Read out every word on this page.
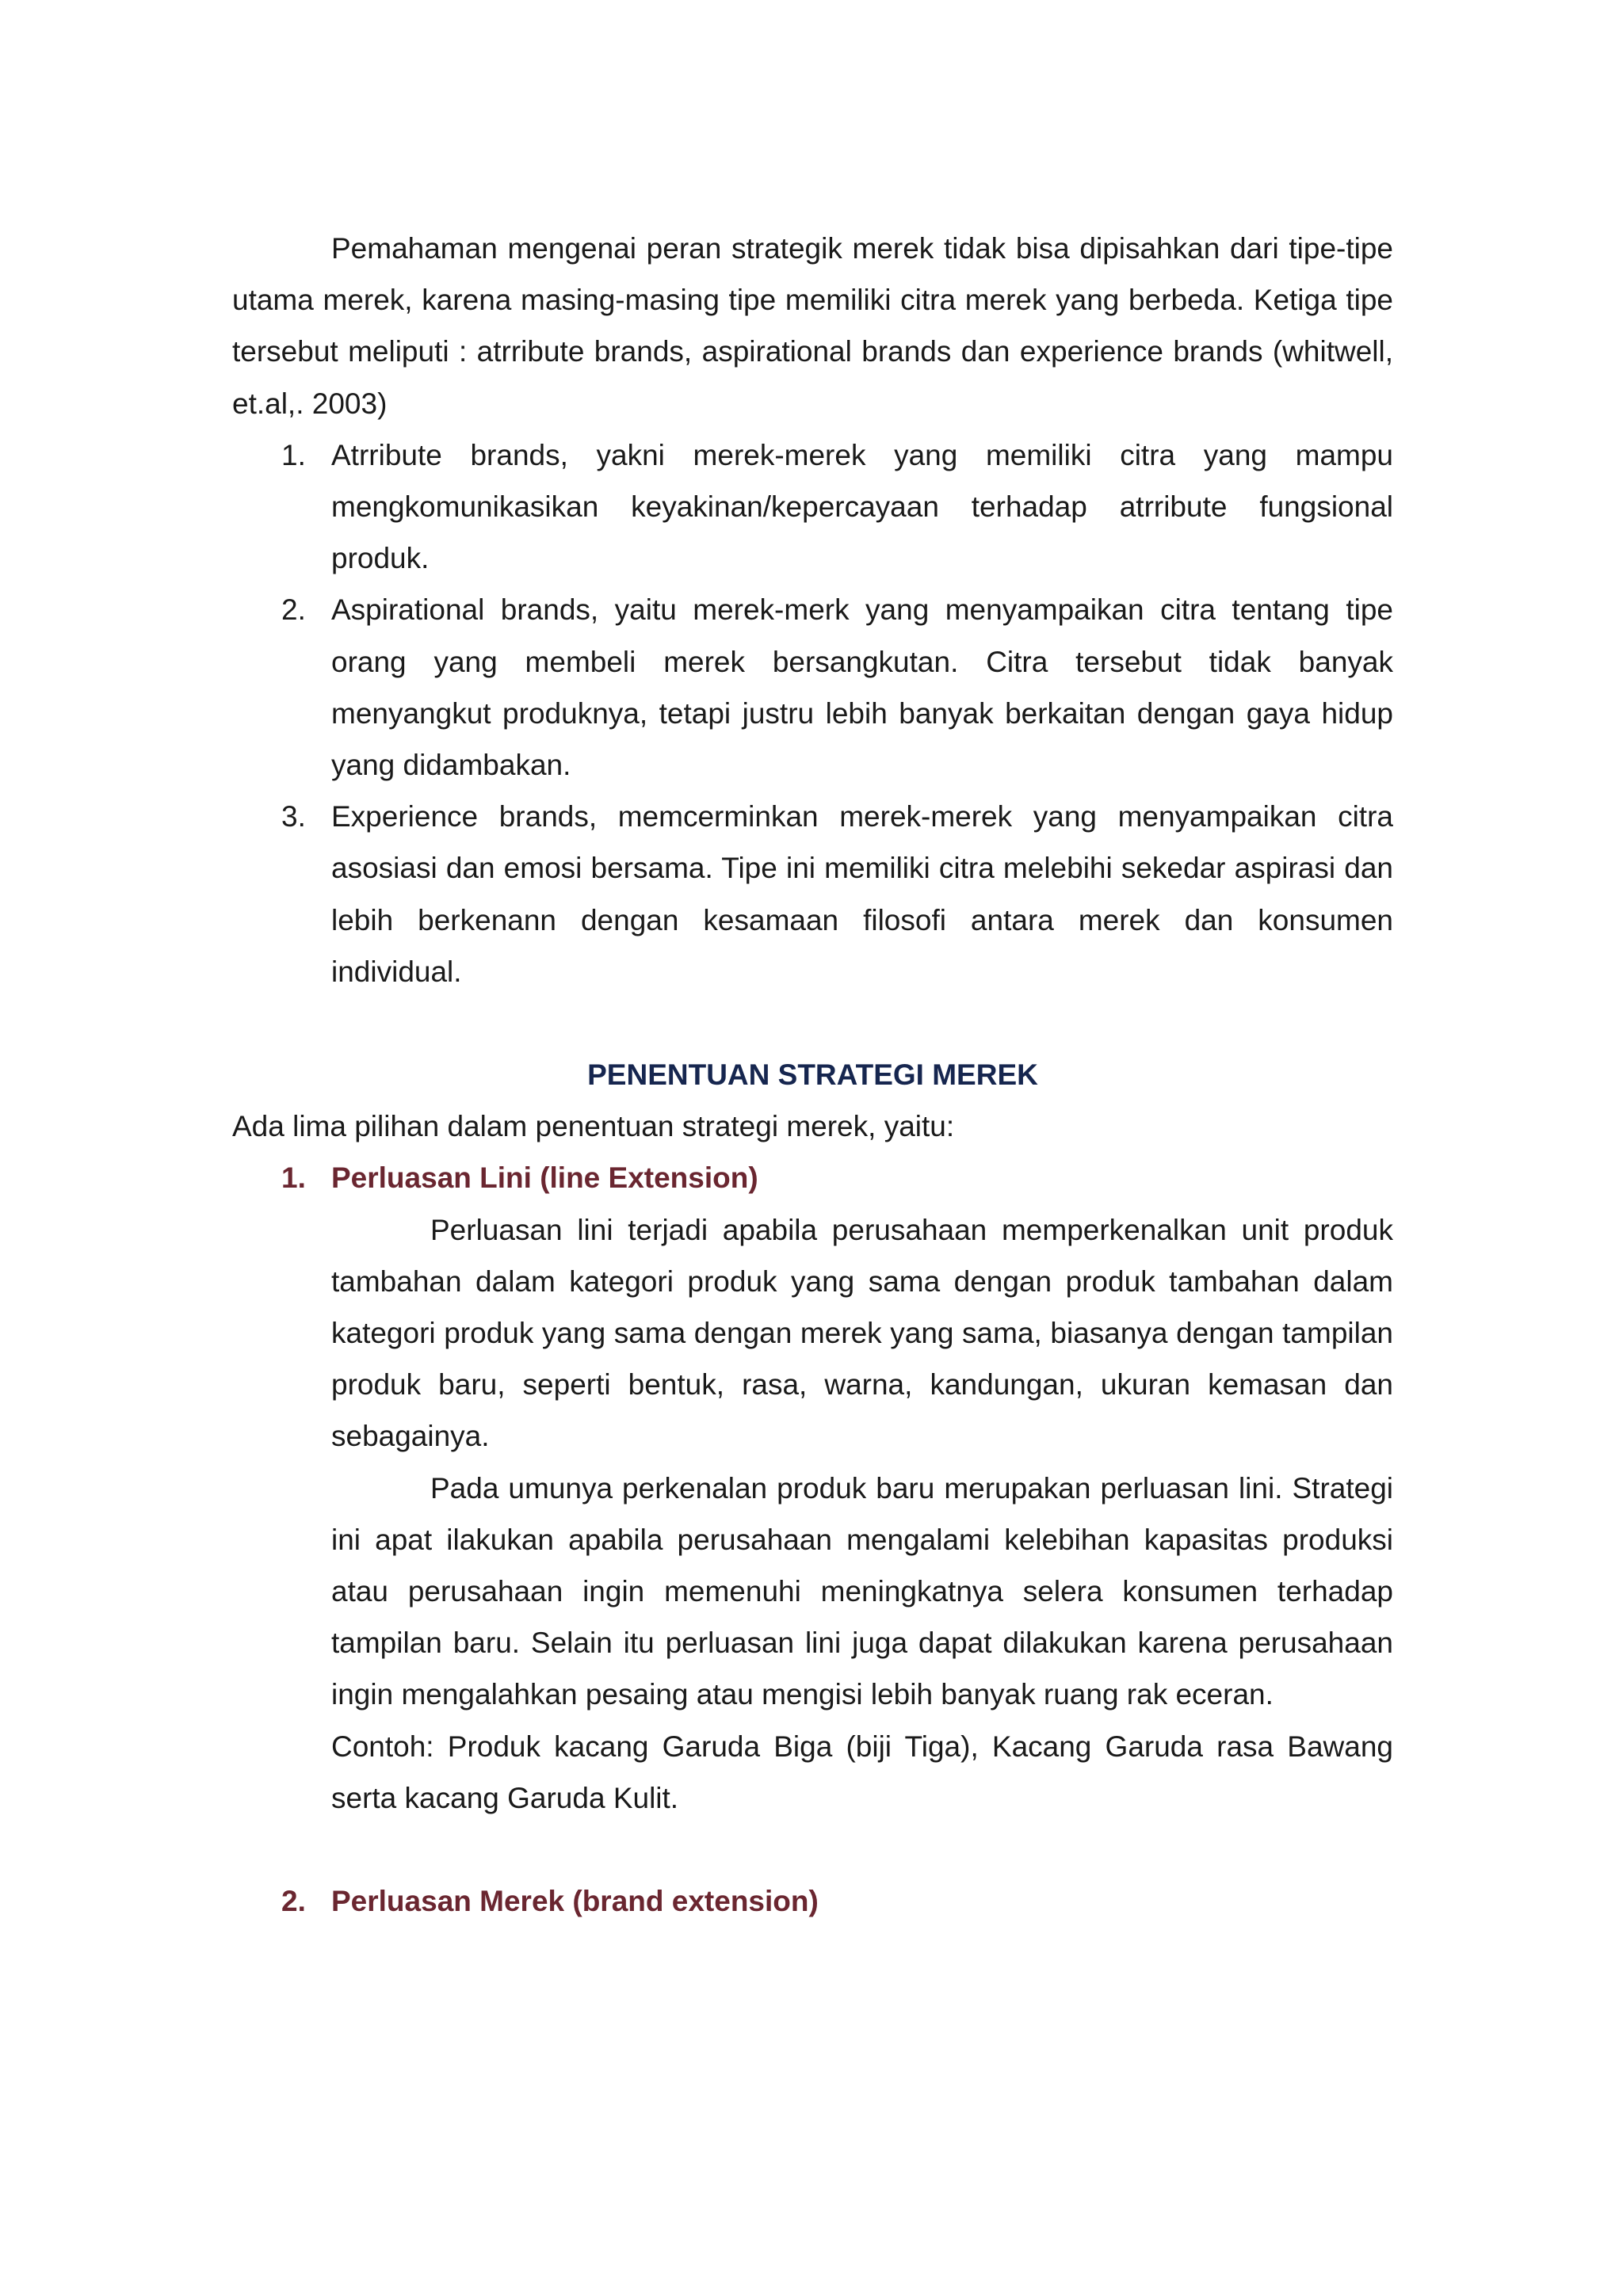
Pemahaman mengenai peran strategik merek tidak bisa dipisahkan dari tipe-tipe utama merek, karena masing-masing tipe memiliki citra merek yang berbeda. Ketiga tipe tersebut meliputi : atrribute brands, aspirational brands dan experience brands (whitwell, et.al,. 2003)

1. Atrribute brands, yakni merek-merek yang memiliki citra yang mampu mengkomunikasikan keyakinan/kepercayaan terhadap atrribute fungsional produk.
2. Aspirational brands, yaitu merek-merk yang menyampaikan citra tentang tipe orang yang membeli merek bersangkutan. Citra tersebut tidak banyak menyangkut produknya, tetapi justru lebih banyak berkaitan dengan gaya hidup yang didambakan.
3. Experience brands, memcerminkan merek-merek yang menyampaikan citra asosiasi dan emosi bersama. Tipe ini memiliki citra melebihi sekedar aspirasi dan lebih berkenann dengan kesamaan filosofi antara merek dan konsumen individual.

PENENTUAN STRATEGI MEREK

Ada lima pilihan dalam penentuan strategi merek, yaitu:

1. Perluasan Lini (line Extension)

Perluasan lini terjadi apabila perusahaan memperkenalkan unit produk tambahan dalam kategori produk yang sama dengan produk tambahan dalam kategori produk yang sama dengan merek yang sama, biasanya dengan tampilan produk baru, seperti bentuk, rasa, warna, kandungan, ukuran kemasan dan sebagainya.

Pada umunya perkenalan produk baru merupakan perluasan lini. Strategi ini apat ilakukan apabila perusahaan mengalami kelebihan kapasitas produksi atau perusahaan ingin memenuhi meningkatnya selera konsumen terhadap tampilan baru. Selain itu perluasan lini juga dapat dilakukan karena perusahaan ingin mengalahkan pesaing atau mengisi lebih banyak ruang rak eceran.

Contoh: Produk kacang Garuda Biga (biji Tiga), Kacang Garuda rasa Bawang serta kacang Garuda Kulit.

2. Perluasan Merek (brand extension)
